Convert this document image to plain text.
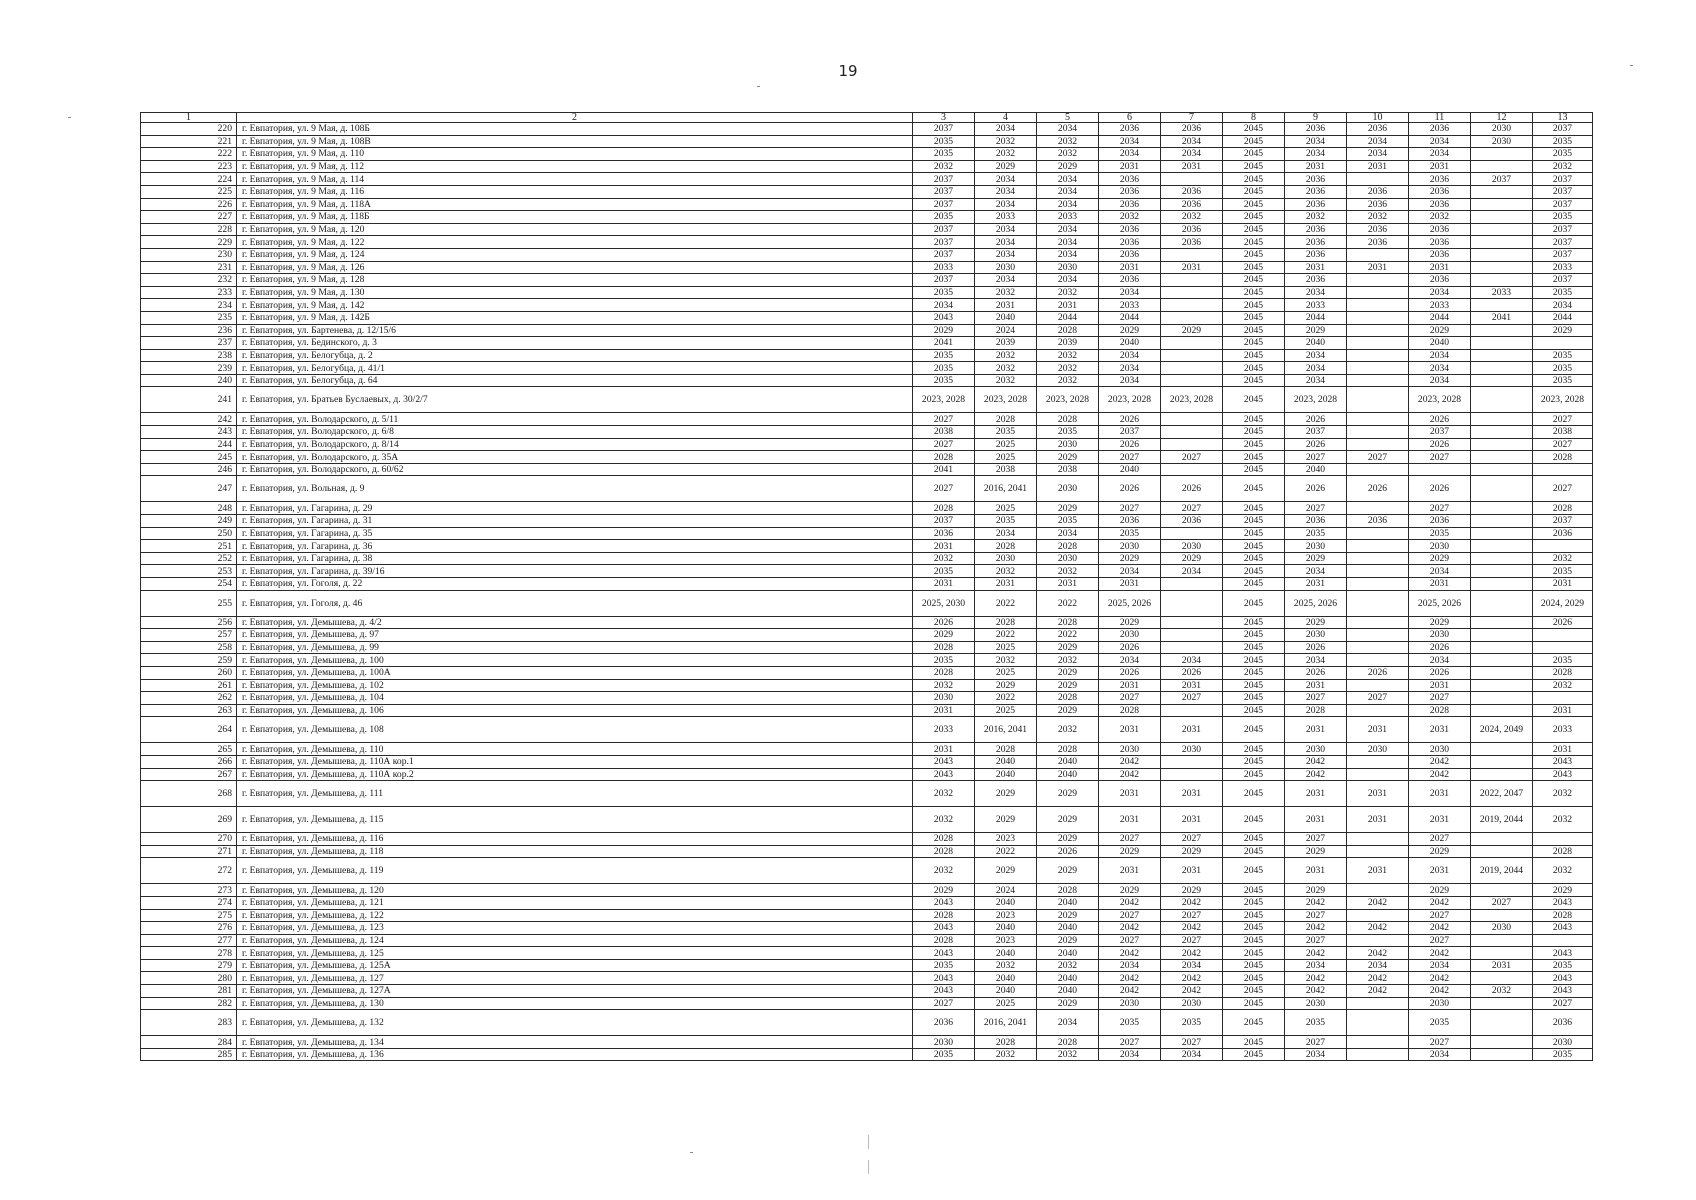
19
1	2	3	4	5	6	7	8	9	10	11	12	13
220	г. Евпатория, ул. 9 Мая, д. 108Б	2037	2034	2034	2036	2036	2045	2036	2036	2036	2030	2037
221	г. Евпатория, ул. 9 Мая, д. 108В	2035	2032	2032	2034	2034	2045	2034	2034	2034	2030	2035
222	г. Евпатория, ул. 9 Мая, д. 110	2035	2032	2032	2034	2034	2045	2034	2034	2034		2035
223	г. Евпатория, ул. 9 Мая, д. 112	2032	2029	2029	2031	2031	2045	2031	2031	2031		2032
224	г. Евпатория, ул. 9 Мая, д. 114	2037	2034	2034	2036		2045	2036		2036	2037	2037
225	г. Евпатория, ул. 9 Мая, д. 116	2037	2034	2034	2036	2036	2045	2036	2036	2036		2037
226	г. Евпатория, ул. 9 Мая, д. 118А	2037	2034	2034	2036	2036	2045	2036	2036	2036		2037
227	г. Евпатория, ул. 9 Мая, д. 118Б	2035	2033	2033	2032	2032	2045	2032	2032	2032		2035
228	г. Евпатория, ул. 9 Мая, д. 120	2037	2034	2034	2036	2036	2045	2036	2036	2036		2037
229	г. Евпатория, ул. 9 Мая, д. 122	2037	2034	2034	2036	2036	2045	2036	2036	2036		2037
230	г. Евпатория, ул. 9 Мая, д. 124	2037	2034	2034	2036		2045	2036		2036		2037
231	г. Евпатория, ул. 9 Мая, д. 126	2033	2030	2030	2031	2031	2045	2031	2031	2031		2033
232	г. Евпатория, ул. 9 Мая, д. 128	2037	2034	2034	2036		2045	2036		2036		2037
233	г. Евпатория, ул. 9 Мая, д. 130	2035	2032	2032	2034		2045	2034		2034	2033	2035
234	г. Евпатория, ул. 9 Мая, д. 142	2034	2031	2031	2033		2045	2033		2033		2034
235	г. Евпатория, ул. 9 Мая, д. 142Б	2043	2040	2044	2044		2045	2044		2044	2041	2044
236	г. Евпатория, ул. Бартенева, д. 12/15/6	2029	2024	2028	2029	2029	2045	2029		2029		2029
237	г. Евпатория, ул. Бединского, д. 3	2041	2039	2039	2040		2045	2040		2040		
238	г. Евпатория, ул. Белогубца, д. 2	2035	2032	2032	2034		2045	2034		2034		2035
239	г. Евпатория, ул. Белогубца, д. 41/1	2035	2032	2032	2034		2045	2034		2034		2035
240	г. Евпатория, ул. Белогубца, д. 64	2035	2032	2032	2034		2045	2034		2034		2035
241	г. Евпатория, ул. Братьев Буслаевых, д. 30/2/7	2023, 2028	2023, 2028	2023, 2028	2023, 2028	2023, 2028	2045	2023, 2028		2023, 2028		2023, 2028
242	г. Евпатория, ул. Володарского, д. 5/11	2027	2028	2028	2026		2045	2026		2026		2027
243	г. Евпатория, ул. Володарского, д. 6/8	2038	2035	2035	2037		2045	2037		2037		2038
244	г. Евпатория, ул. Володарского, д. 8/14	2027	2025	2030	2026		2045	2026		2026		2027
245	г. Евпатория, ул. Володарского, д. 35А	2028	2025	2029	2027	2027	2045	2027	2027	2027		2028
246	г. Евпатория, ул. Володарского, д. 60/62	2041	2038	2038	2040		2045	2040				
247	г. Евпатория, ул. Вольная, д. 9	2027	2016, 2041	2030	2026	2026	2045	2026	2026	2026		2027
248	г. Евпатория, ул. Гагарина, д. 29	2028	2025	2029	2027	2027	2045	2027		2027		2028
249	г. Евпатория, ул. Гагарина, д. 31	2037	2035	2035	2036	2036	2045	2036	2036	2036		2037
250	г. Евпатория, ул. Гагарина, д. 35	2036	2034	2034	2035		2045	2035		2035		2036
251	г. Евпатория, ул. Гагарина, д. 36	2031	2028	2028	2030	2030	2045	2030		2030		
252	г. Евпатория, ул. Гагарина, д. 38	2032	2030	2030	2029	2029	2045	2029		2029		2032
253	г. Евпатория, ул. Гагарина, д. 39/16	2035	2032	2032	2034	2034	2045	2034		2034		2035
254	г. Евпатория, ул. Гоголя, д. 22	2031	2031	2031	2031		2045	2031		2031		2031
255	г. Евпатория, ул. Гоголя, д. 46	2025, 2030	2022	2022	2025, 2026		2045	2025, 2026		2025, 2026		2024, 2029
256	г. Евпатория, ул. Демышева, д. 4/2	2026	2028	2028	2029		2045	2029		2029		2026
257	г. Евпатория, ул. Демышева, д. 97	2029	2022	2022	2030		2045	2030		2030		
258	г. Евпатория, ул. Демышева, д. 99	2028	2025	2029	2026		2045	2026		2026		
259	г. Евпатория, ул. Демышева, д. 100	2035	2032	2032	2034	2034	2045	2034		2034		2035
260	г. Евпатория, ул. Демышева, д. 100А	2028	2025	2029	2026	2026	2045	2026	2026	2026		2028
261	г. Евпатория, ул. Демышева, д. 102	2032	2029	2029	2031	2031	2045	2031		2031		2032
262	г. Евпатория, ул. Демышева, д. 104	2030	2022	2028	2027	2027	2045	2027	2027	2027		
263	г. Евпатория, ул. Демышева, д. 106	2031	2025	2029	2028		2045	2028		2028		2031
264	г. Евпатория, ул. Демышева, д. 108	2033	2016, 2041	2032	2031	2031	2045	2031	2031	2031	2024, 2049	2033
265	г. Евпатория, ул. Демышева, д. 110	2031	2028	2028	2030	2030	2045	2030	2030	2030		2031
266	г. Евпатория, ул. Демышева, д. 110А кор.1	2043	2040	2040	2042		2045	2042		2042		2043
267	г. Евпатория, ул. Демышева, д. 110А кор.2	2043	2040	2040	2042		2045	2042		2042		2043
268	г. Евпатория, ул. Демышева, д. 111	2032	2029	2029	2031	2031	2045	2031	2031	2031	2022, 2047	2032
269	г. Евпатория, ул. Демышева, д. 115	2032	2029	2029	2031	2031	2045	2031	2031	2031	2019, 2044	2032
270	г. Евпатория, ул. Демышева, д. 116	2028	2023	2029	2027	2027	2045	2027		2027		
271	г. Евпатория, ул. Демышева, д. 118	2028	2022	2026	2029	2029	2045	2029		2029		2028
272	г. Евпатория, ул. Демышева, д. 119	2032	2029	2029	2031	2031	2045	2031	2031	2031	2019, 2044	2032
273	г. Евпатория, ул. Демышева, д. 120	2029	2024	2028	2029	2029	2045	2029		2029		2029
274	г. Евпатория, ул. Демышева, д. 121	2043	2040	2040	2042	2042	2045	2042	2042	2042	2027	2043
275	г. Евпатория, ул. Демышева, д. 122	2028	2023	2029	2027	2027	2045	2027		2027		2028
276	г. Евпатория, ул. Демышева, д. 123	2043	2040	2040	2042	2042	2045	2042	2042	2042	2030	2043
277	г. Евпатория, ул. Демышева, д. 124	2028	2023	2029	2027	2027	2045	2027		2027		
278	г. Евпатория, ул. Демышева, д. 125	2043	2040	2040	2042	2042	2045	2042	2042	2042		2043
279	г. Евпатория, ул. Демышева, д. 125А	2035	2032	2032	2034	2034	2045	2034	2034	2034	2031	2035
280	г. Евпатория, ул. Демышева, д. 127	2043	2040	2040	2042	2042	2045	2042	2042	2042		2043
281	г. Евпатория, ул. Демышева, д. 127А	2043	2040	2040	2042	2042	2045	2042	2042	2042	2032	2043
282	г. Евпатория, ул. Демышева, д. 130	2027	2025	2029	2030	2030	2045	2030		2030		2027
283	г. Евпатория, ул. Демышева, д. 132	2036	2016, 2041	2034	2035	2035	2045	2035		2035		2036
284	г. Евпатория, ул. Демышева, д. 134	2030	2028	2028	2027	2027	2045	2027		2027		2030
285	г. Евпатория, ул. Демышева, д. 136	2035	2032	2032	2034	2034	2045	2034		2034		2035
